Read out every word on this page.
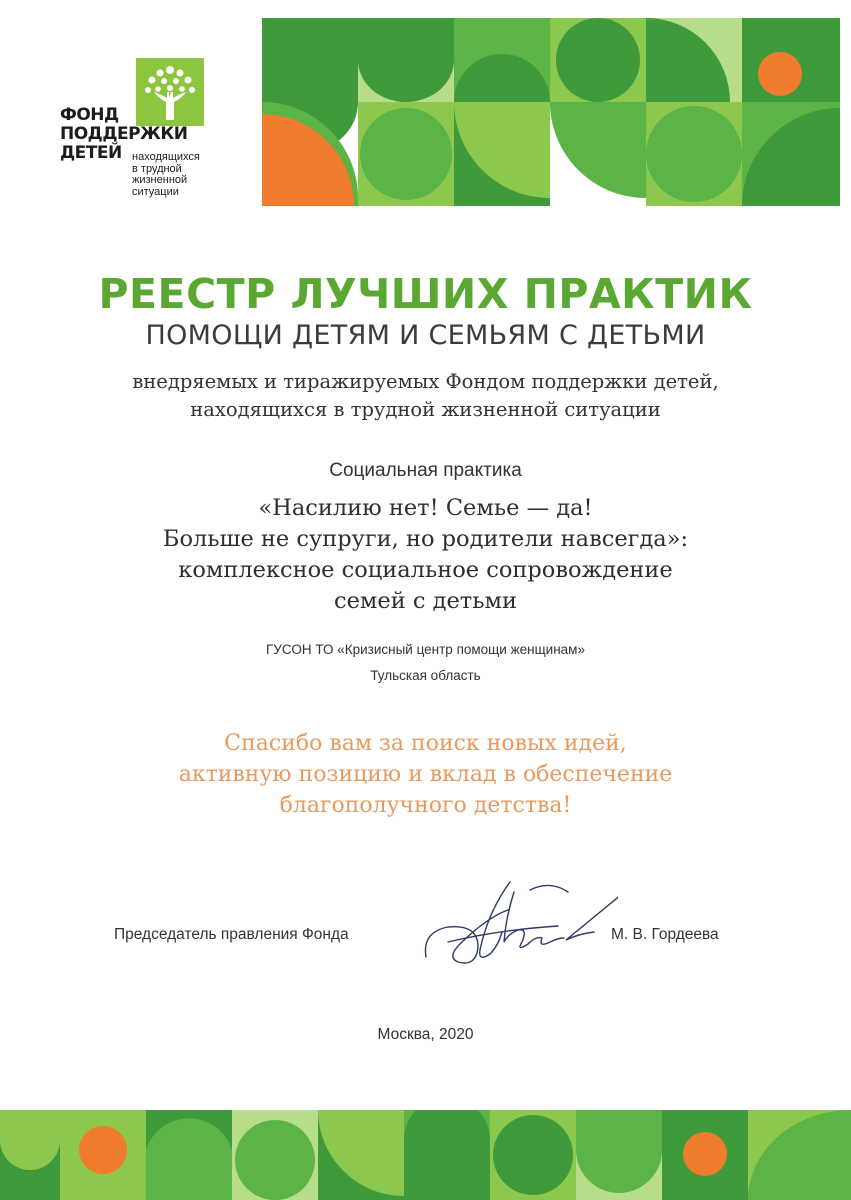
ФОНД
ПОДДЕРЖКИ
ДЕТЕЙ находящихся
в трудной
жизненной
ситуации
РЕЕСТР ЛУЧШИХ ПРАКТИК
ПОМОЩИ ДЕТЯМ И СЕМЬЯМ С ДЕТЬМИ
внедряемых и тиражируемых Фондом поддержки детей,
находящихся в трудной жизненной ситуации
Социальная практика
«Насилию нет! Семье — да!
Больше не супруги, но родители навсегда»:
комплексное социальное сопровождение
семей с детьми
ГУСОН ТО «Кризисный центр помощи женщинам»
Тульская область
Спасибо вам за поиск новых идей,
активную позицию и вклад в обеспечение
благополучного детства!
Председатель правления Фонда	М. В. Гордеева
Москва, 2020
